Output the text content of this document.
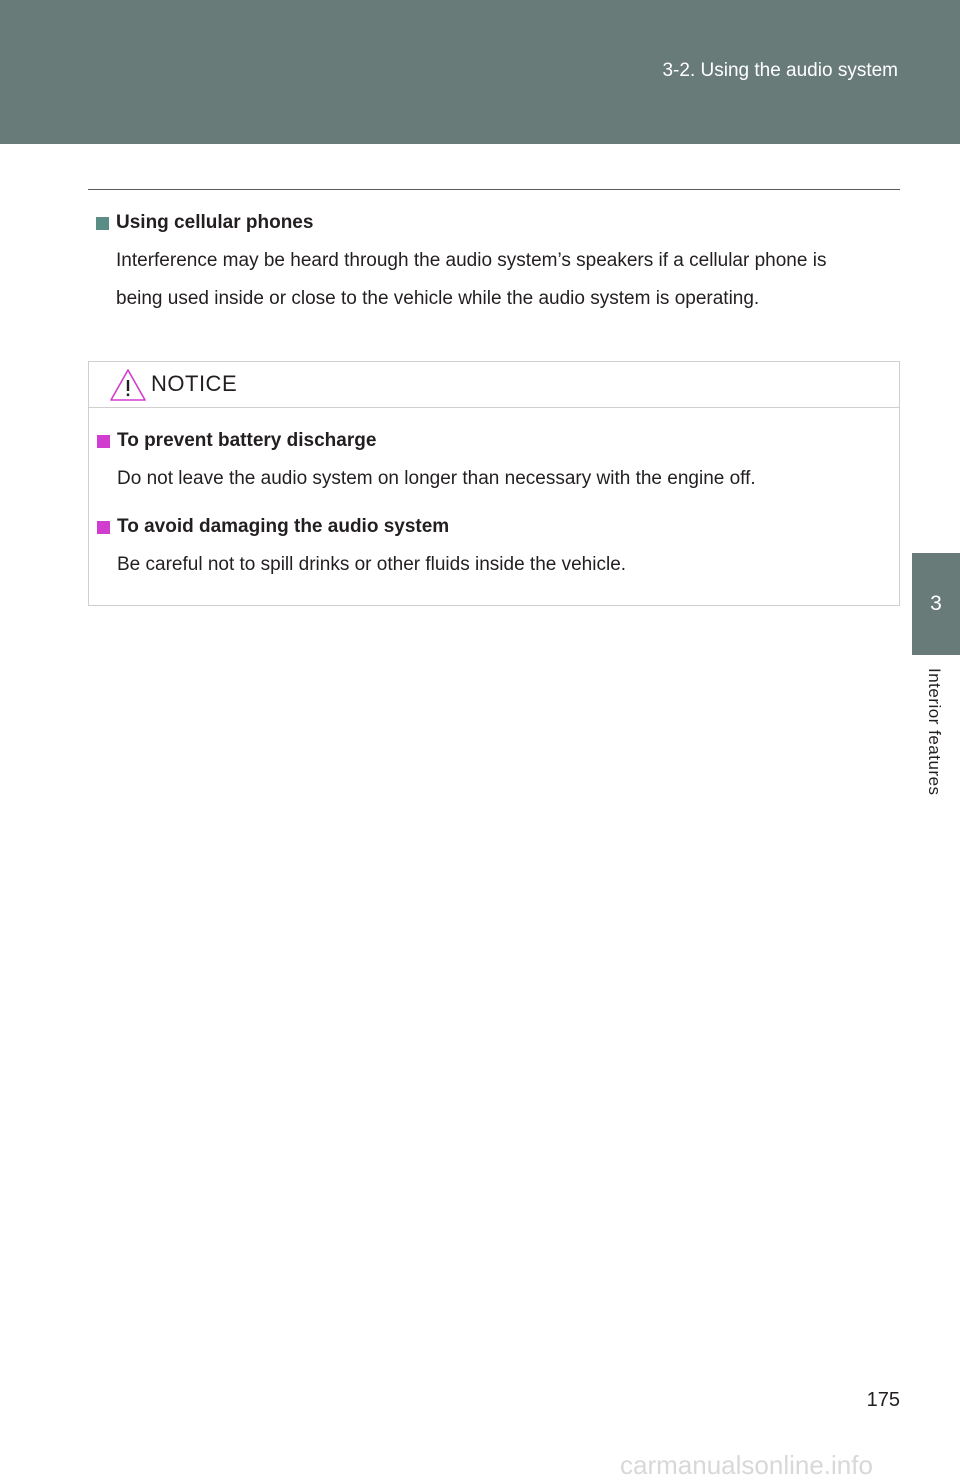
3-2. Using the audio system
3
Interior features
Using cellular phones
Interference may be heard through the audio system’s speakers if a cellular phone is
being used inside or close to the vehicle while the audio system is operating.
NOTICE
To prevent battery discharge
Do not leave the audio system on longer than necessary with the engine off.
To avoid damaging the audio system
Be careful not to spill drinks or other fluids inside the vehicle.
175
carmanualsonline.info
